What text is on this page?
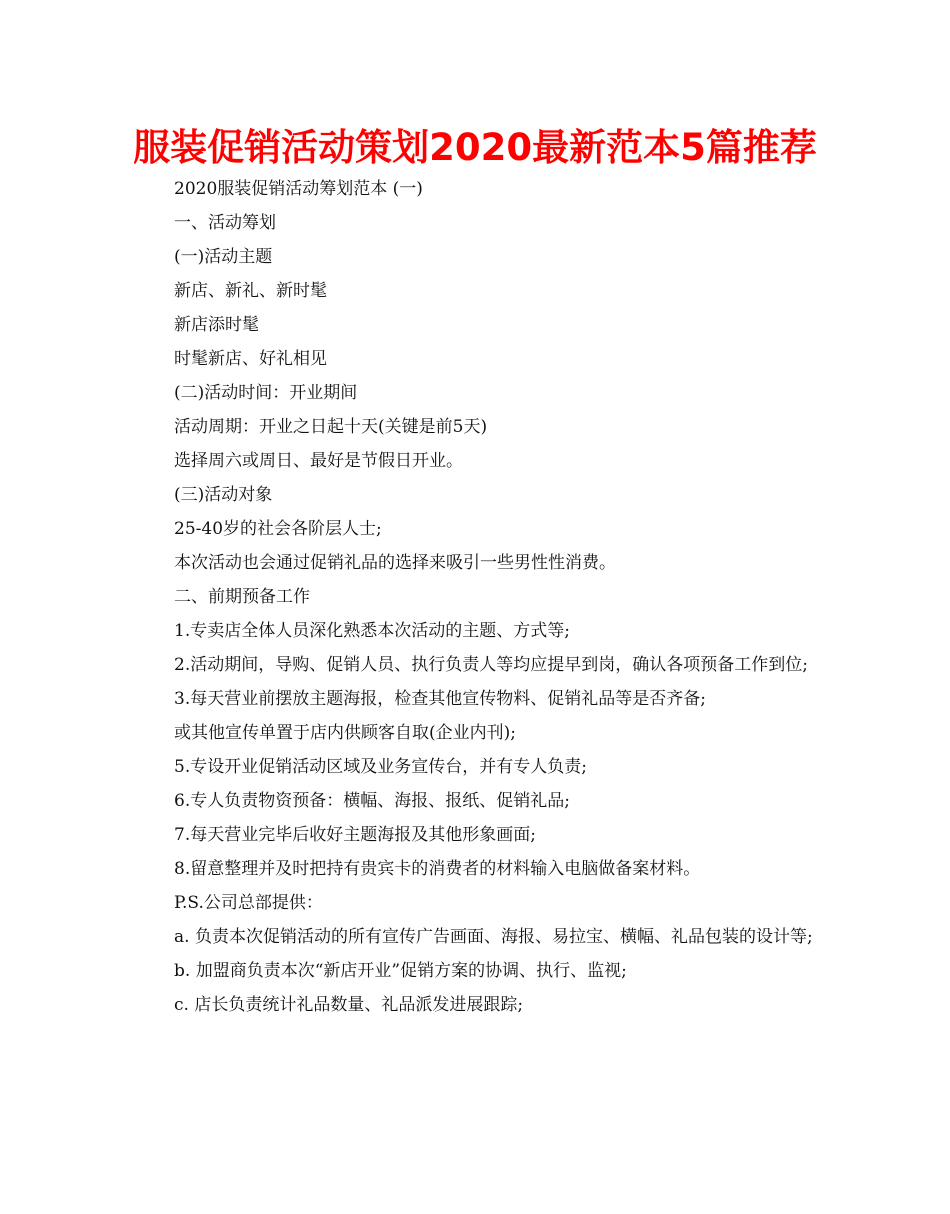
服装促销活动策划2020最新范本5篇推荐

2020服装促销活动筹划范本 (一)

一、活动筹划

(一)活动主题

新店、新礼、新时髦

新店添时髦

时髦新店、好礼相见

(二)活动时间：开业期间

活动周期：开业之日起十天(关键是前5天)

选择周六或周日、最好是节假日开业。

(三)活动对象

25-40岁的社会各阶层人士;

本次活动也会通过促销礼品的选择来吸引一些男性性消费。

二、前期预备工作

1.专卖店全体人员深化熟悉本次活动的主题、方式等;

2.活动期间，导购、促销人员、执行负责人等均应提早到岗，确认各项预备工作到位;

3.每天营业前摆放主题海报，检查其他宣传物料、促销礼品等是否齐备;

或其他宣传单置于店内供顾客自取(企业内刊);

5.专设开业促销活动区域及业务宣传台，并有专人负责;

6.专人负责物资预备：横幅、海报、报纸、促销礼品;

7.每天营业完毕后收好主题海报及其他形象画面;

8.留意整理并及时把持有贵宾卡的消费者的材料输入电脑做备案材料。

P.S.公司总部提供：

a. 负责本次促销活动的所有宣传广告画面、海报、易拉宝、横幅、礼品包装的设计等;

b. 加盟商负责本次“新店开业”促销方案的协调、执行、监视;

c. 店长负责统计礼品数量、礼品派发进展跟踪;
